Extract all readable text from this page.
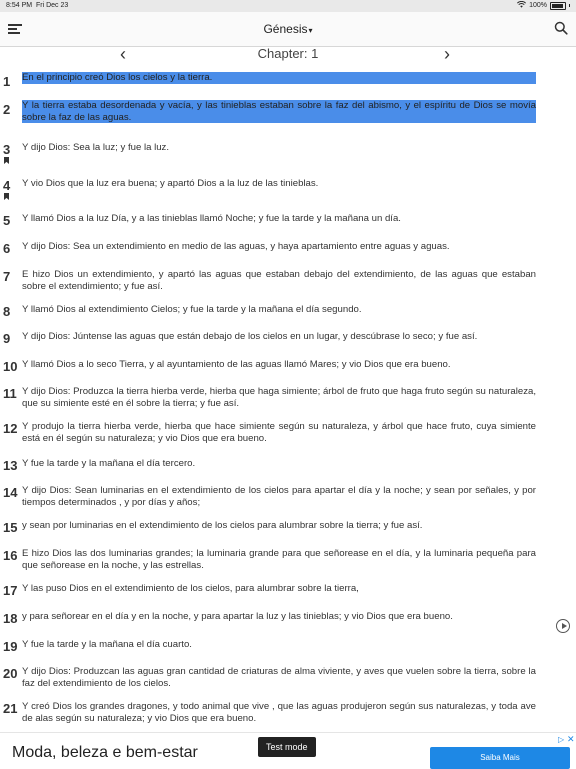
8:54 PM Fri Dec 23	100%
Génesis▾
‹	Chapter: 1	›
1 En el principio creó Dios los cielos y la tierra.
2 Y la tierra estaba desordenada y vacía, y las tinieblas estaban sobre la faz del abismo, y el espíritu de Dios se movía sobre la faz de las aguas.
3 Y dijo Dios: Sea la luz; y fue la luz.
4 Y vio Dios que la luz era buena; y apartó Dios a la luz de las tinieblas.
5 Y llamó Dios a la luz Día, y a las tinieblas llamó Noche; y fue la tarde y la mañana un día.
6 Y dijo Dios: Sea un extendimiento en medio de las aguas, y haya apartamiento entre aguas y aguas.
7 E hizo Dios un extendimiento, y apartó las aguas que estaban debajo del extendimiento, de las aguas que estaban sobre el extendimiento; y fue así.
8 Y llamó Dios al extendimiento Cielos; y fue la tarde y la mañana el día segundo.
9 Y dijo Dios: Júntense las aguas que están debajo de los cielos en un lugar, y descúbrase lo seco; y fue así.
10 Y llamó Dios a lo seco Tierra, y al ayuntamiento de las aguas llamó Mares; y vio Dios que era bueno.
11 Y dijo Dios: Produzca la tierra hierba verde, hierba que haga simiente; árbol de fruto que haga fruto según su naturaleza, que su simiente esté en él sobre la tierra; y fue así.
12 Y produjo la tierra hierba verde, hierba que hace simiente según su naturaleza, y árbol que hace fruto, cuya simiente está en él según su naturaleza; y vio Dios que era bueno.
13 Y fue la tarde y la mañana el día tercero.
14 Y dijo Dios: Sean luminarias en el extendimiento de los cielos para apartar el día y la noche; y sean por señales, y por tiempos determinados , y por días y años;
15 y sean por luminarias en el extendimiento de los cielos para alumbrar sobre la tierra; y fue así.
16 E hizo Dios las dos luminarias grandes; la luminaria grande para que señorease en el día, y la luminaria pequeña para que señorease en la noche, y las estrellas.
17 Y las puso Dios en el extendimiento de los cielos, para alumbrar sobre la tierra,
18 y para señorear en el día y en la noche, y para apartar la luz y las tinieblas; y vio Dios que era bueno.
19 Y fue la tarde y la mañana el día cuarto.
20 Y dijo Dios: Produzcan las aguas gran cantidad de criaturas de alma viviente, y aves que vuelen sobre la tierra, sobre la faz del extendimiento de los cielos.
21 Y creó Dios los grandes dragones, y todo animal que vive , que las aguas produjeron según sus naturalezas, y toda ave de alas según su naturaleza; y vio Dios que era bueno.
Moda, beleza e bem-estar	Test mode
Saiba Mais
▷ ✕
